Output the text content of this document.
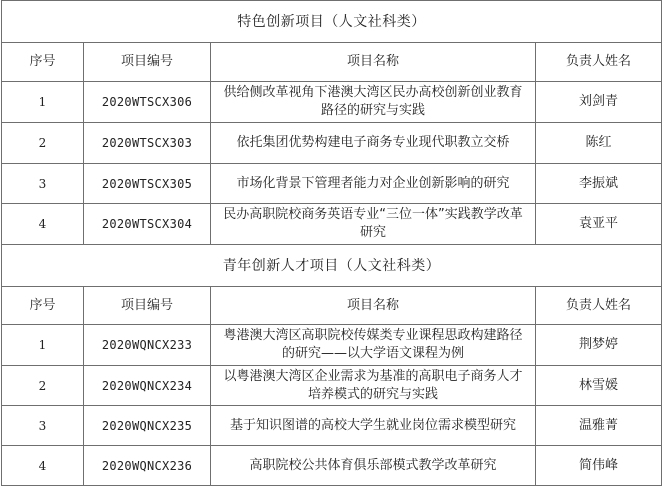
特色创新项目（人文社科类）			
序号	项目编号	项目名称	负责人姓名
1	2020WTSCX306	供给侧改革视角下港澳大湾区民办高校创新创业教育路径的研究与实践	刘剑青
2	2020WTSCX303	依托集团优势构建电子商务专业现代职教立交桥	陈红
3	2020WTSCX305	市场化背景下管理者能力对企业创新影响的研究	李振斌
4	2020WTSCX304	民办高职院校商务英语专业“三位一体”实践教学改革研究	袁亚平
青年创新人才项目（人文社科类）			
序号	项目编号	项目名称	负责人姓名
1	2020WQNCX233	粤港澳大湾区高职院校传媒类专业课程思政构建路径的研究——以大学语文课程为例	荆梦婷
2	2020WQNCX234	以粤港澳大湾区企业需求为基准的高职电子商务人才培养模式的研究与实践	林雪媛
3	2020WQNCX235	基于知识图谱的高校大学生就业岗位需求模型研究	温雅菁
4	2020WQNCX236	高职院校公共体育俱乐部模式教学改革研究	简伟峰
